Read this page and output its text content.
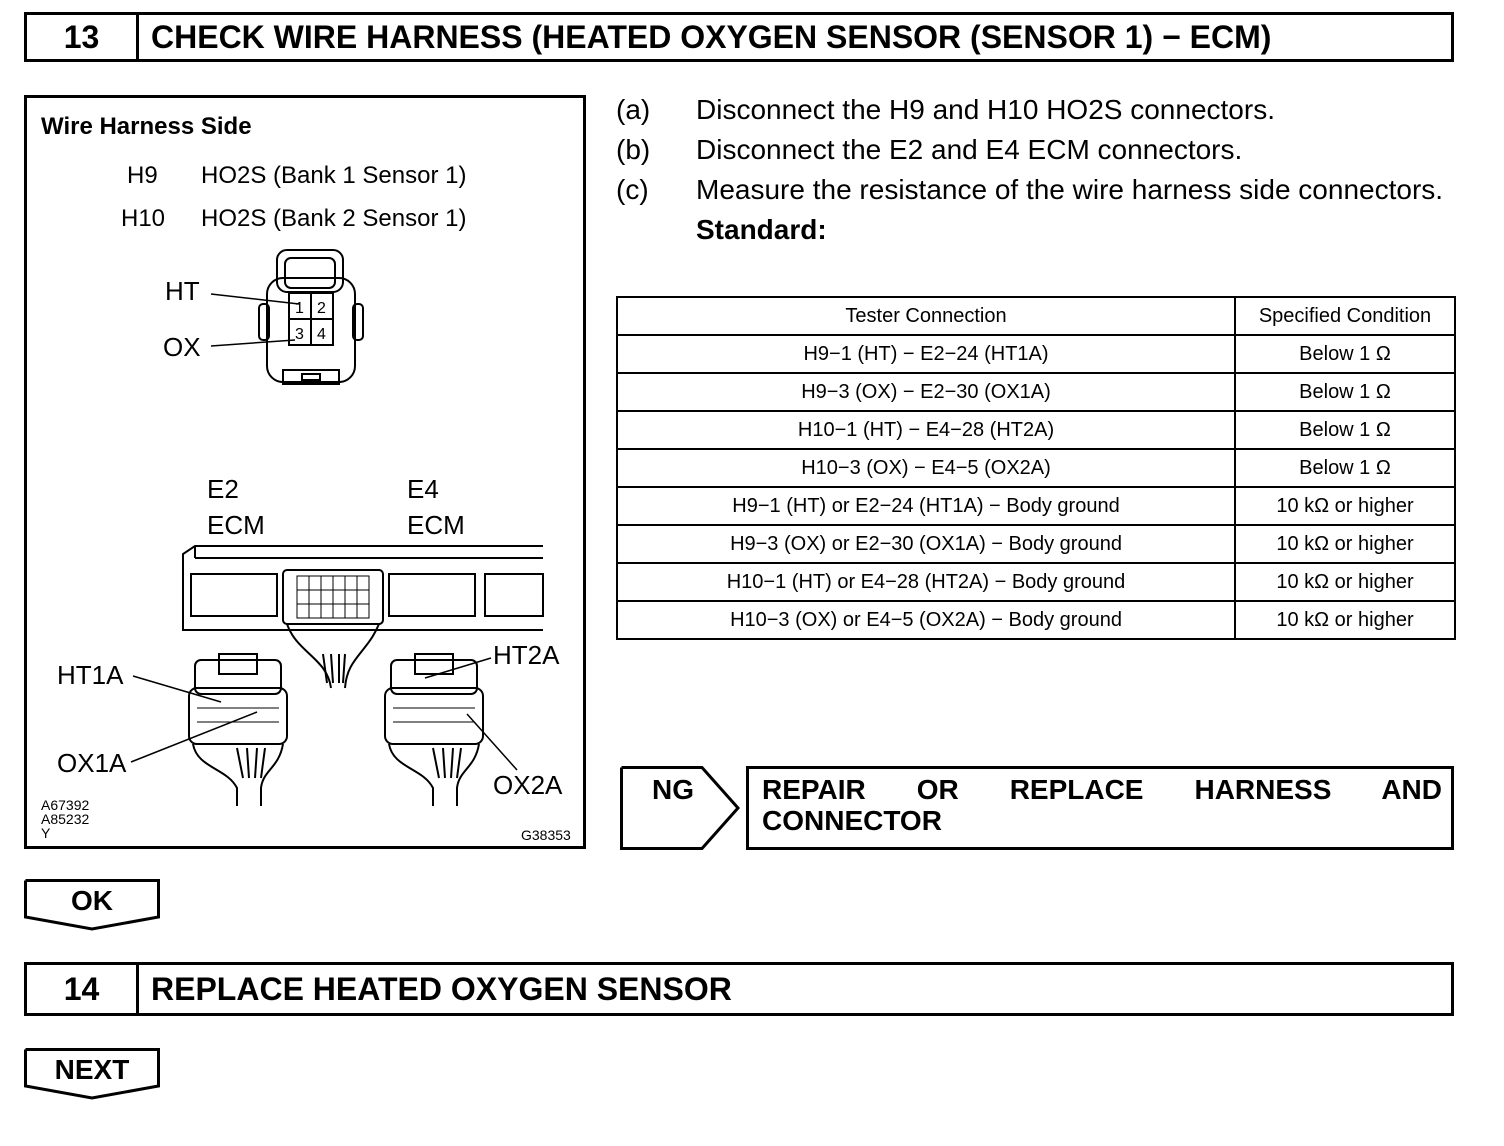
13	CHECK WIRE HARNESS (HEATED OXYGEN SENSOR (SENSOR 1) − ECM)
Wire Harness Side
H9 HO2S (Bank 1 Sensor 1)
H10 HO2S (Bank 2 Sensor 1)
1 2
3 4
HT
OX
E2
ECM
E4
ECM
HT1A
OX1A
HT2A
OX2A
A67392
A85232
Y	G38353
(a)	Disconnect the H9 and H10 HO2S connectors.
(b)	Disconnect the E2 and E4 ECM connectors.
(c)	Measure the resistance of the wire harness side connectors.
Standard:
Tester Connection	Specified Condition
H9−1 (HT) − E2−24 (HT1A)	Below 1 Ω
H9−3 (OX) − E2−30 (OX1A)	Below 1 Ω
H10−1 (HT) − E4−28 (HT2A)	Below 1 Ω
H10−3 (OX) − E4−5 (OX2A)	Below 1 Ω
H9−1 (HT) or E2−24 (HT1A) − Body ground	10 kΩ or higher
H9−3 (OX) or E2−30 (OX1A) − Body ground	10 kΩ or higher
H10−1 (HT) or E4−28 (HT2A) − Body ground	10 kΩ or higher
H10−3 (OX) or E4−5 (OX2A) − Body ground	10 kΩ or higher
NG REPAIR OR REPLACE HARNESS AND CONNECTOR
OK
14	REPLACE HEATED OXYGEN SENSOR
NEXT
